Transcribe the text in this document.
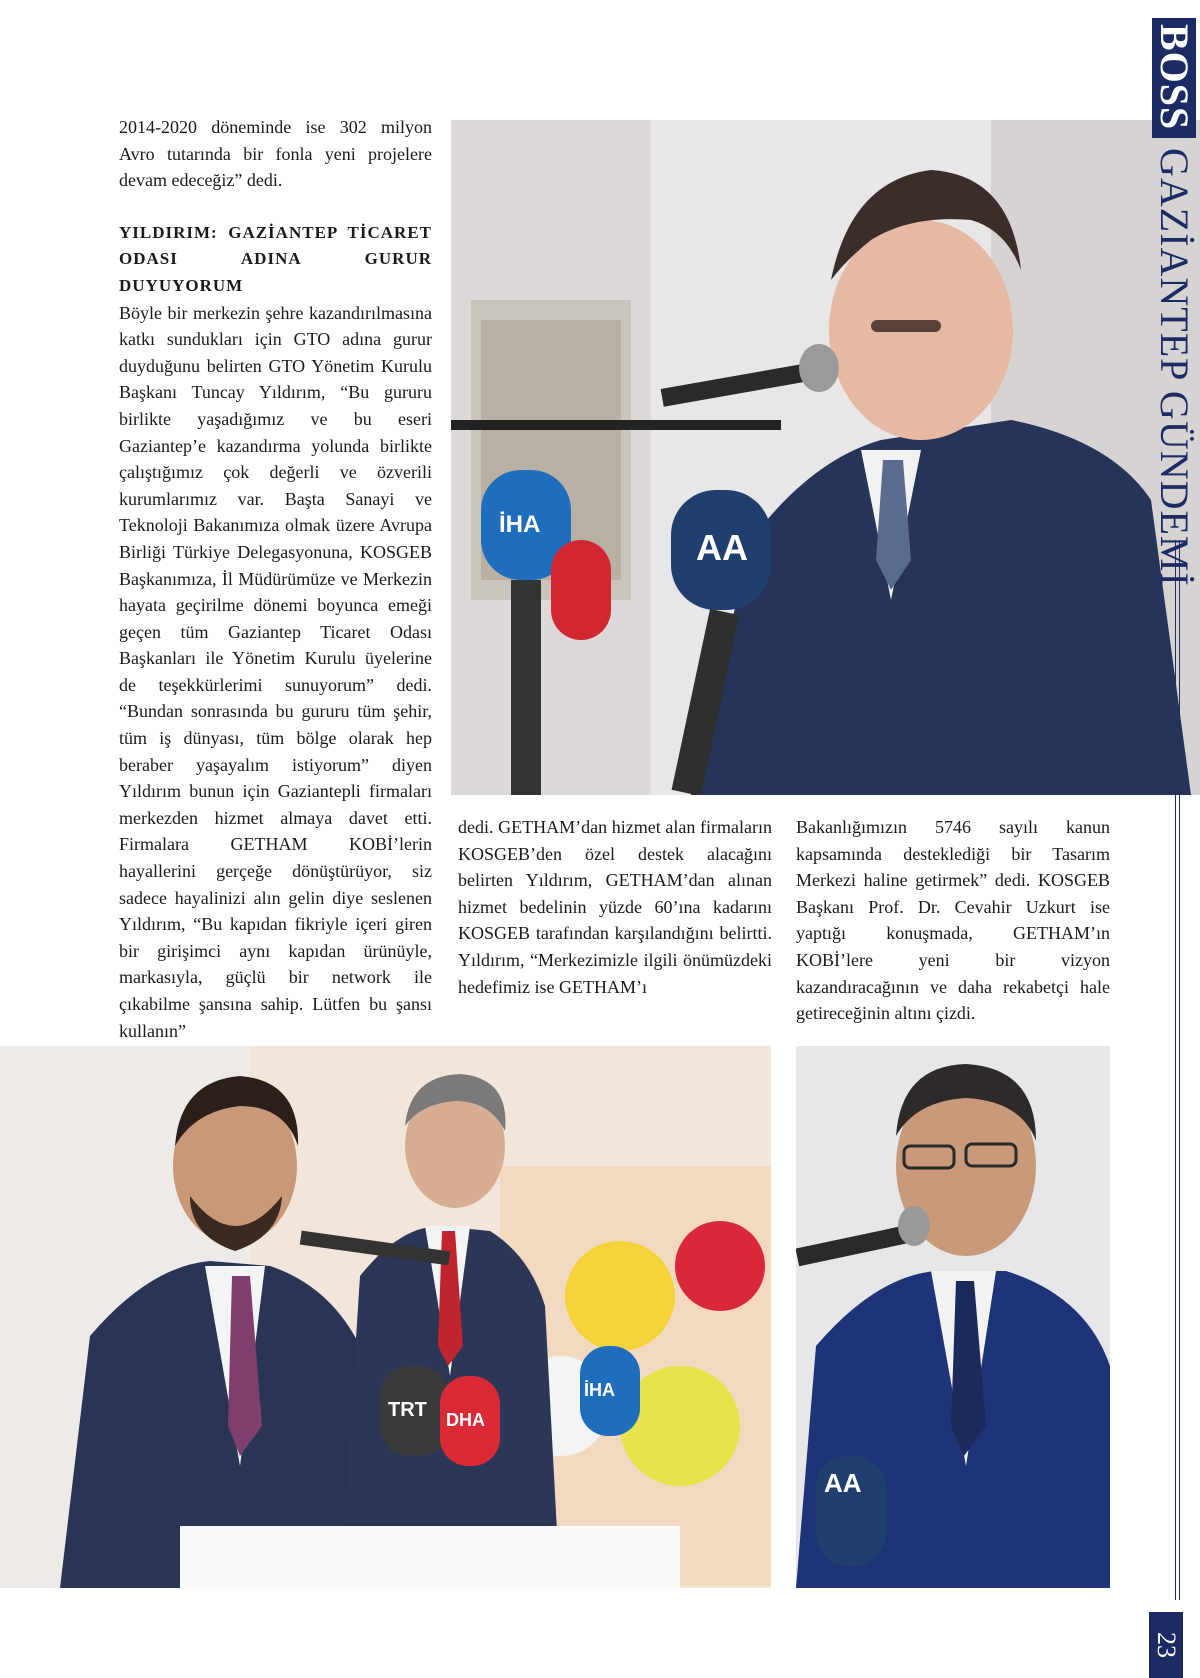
2014-2020 döneminde ise 302 milyon Avro tutarında bir fonla yeni projelere devam edeceğiz” dedi.

YILDIRIM: GAZİANTEP TİCARET ODASI ADINA GURUR DUYUYORUM

Böyle bir merkezin şehre kazandırılmasına katkı sundukları için GTO adına gurur duyduğunu belirten GTO Yönetim Kurulu Başkanı Tuncay Yıldırım, “Bu gururu birlikte yaşadığımız ve bu eseri Gaziantep’e kazandırma yolunda birlikte çalıştığımız çok değerli ve özverili kurumlarımız var. Başta Sanayi ve Teknoloji Bakanımıza olmak üzere Avrupa Birliği Türkiye Delegasyonuna, KOSGEB Başkanımıza, İl Müdürümüze ve Merkezin hayata geçirilme dönemi boyunca emeği geçen tüm Gaziantep Ticaret Odası Başkanları ile Yönetim Kurulu üyelerine de teşekkürlerimi sunuyorum” dedi. “Bundan sonrasında bu gururu tüm şehir, tüm iş dünyası, tüm bölge olarak hep beraber yaşayalım istiyorum” diyen Yıldırım bunun için Gaziantepli firmaları merkezden hizmet almaya davet etti. Firmalara GETHAM KOBİ’lerin hayallerini gerçeğe dönüştürüyor, siz sadece hayalinizi alın gelin diye seslenen Yıldırım, “Bu kapıdan fikriyle içeri giren bir girişimci aynı kapıdan ürünüyle, markasıyla, güçlü bir network ile çıkabilme şansına sahip. Lütfen bu şansı kullanın”

İHA
AA

dedi. GETHAM’dan hizmet alan firmaların KOSGEB’den özel destek alacağını belirten Yıldırım, GETHAM’dan alınan hizmet bedelinin yüzde 60’ına kadarını KOSGEB tarafından karşılandığını belirtti. Yıldırım, “Merkezimizle ilgili önümüzdeki hedefimiz ise GETHAM’ı

Bakanlığımızın 5746 sayılı kanun kapsamında desteklediği bir Tasarım Merkezi haline getirmek” dedi. KOSGEB Başkanı Prof. Dr. Cevahir Uzkurt ise yaptığı konuşmada, GETHAM’ın KOBİ’lere yeni bir vizyon kazandıracağının ve daha rekabetçi hale getireceğinin altını çizdi.

TRT DHA
İHA
AA
BOSSGAZİANTEP GÜNDEMİ
23
